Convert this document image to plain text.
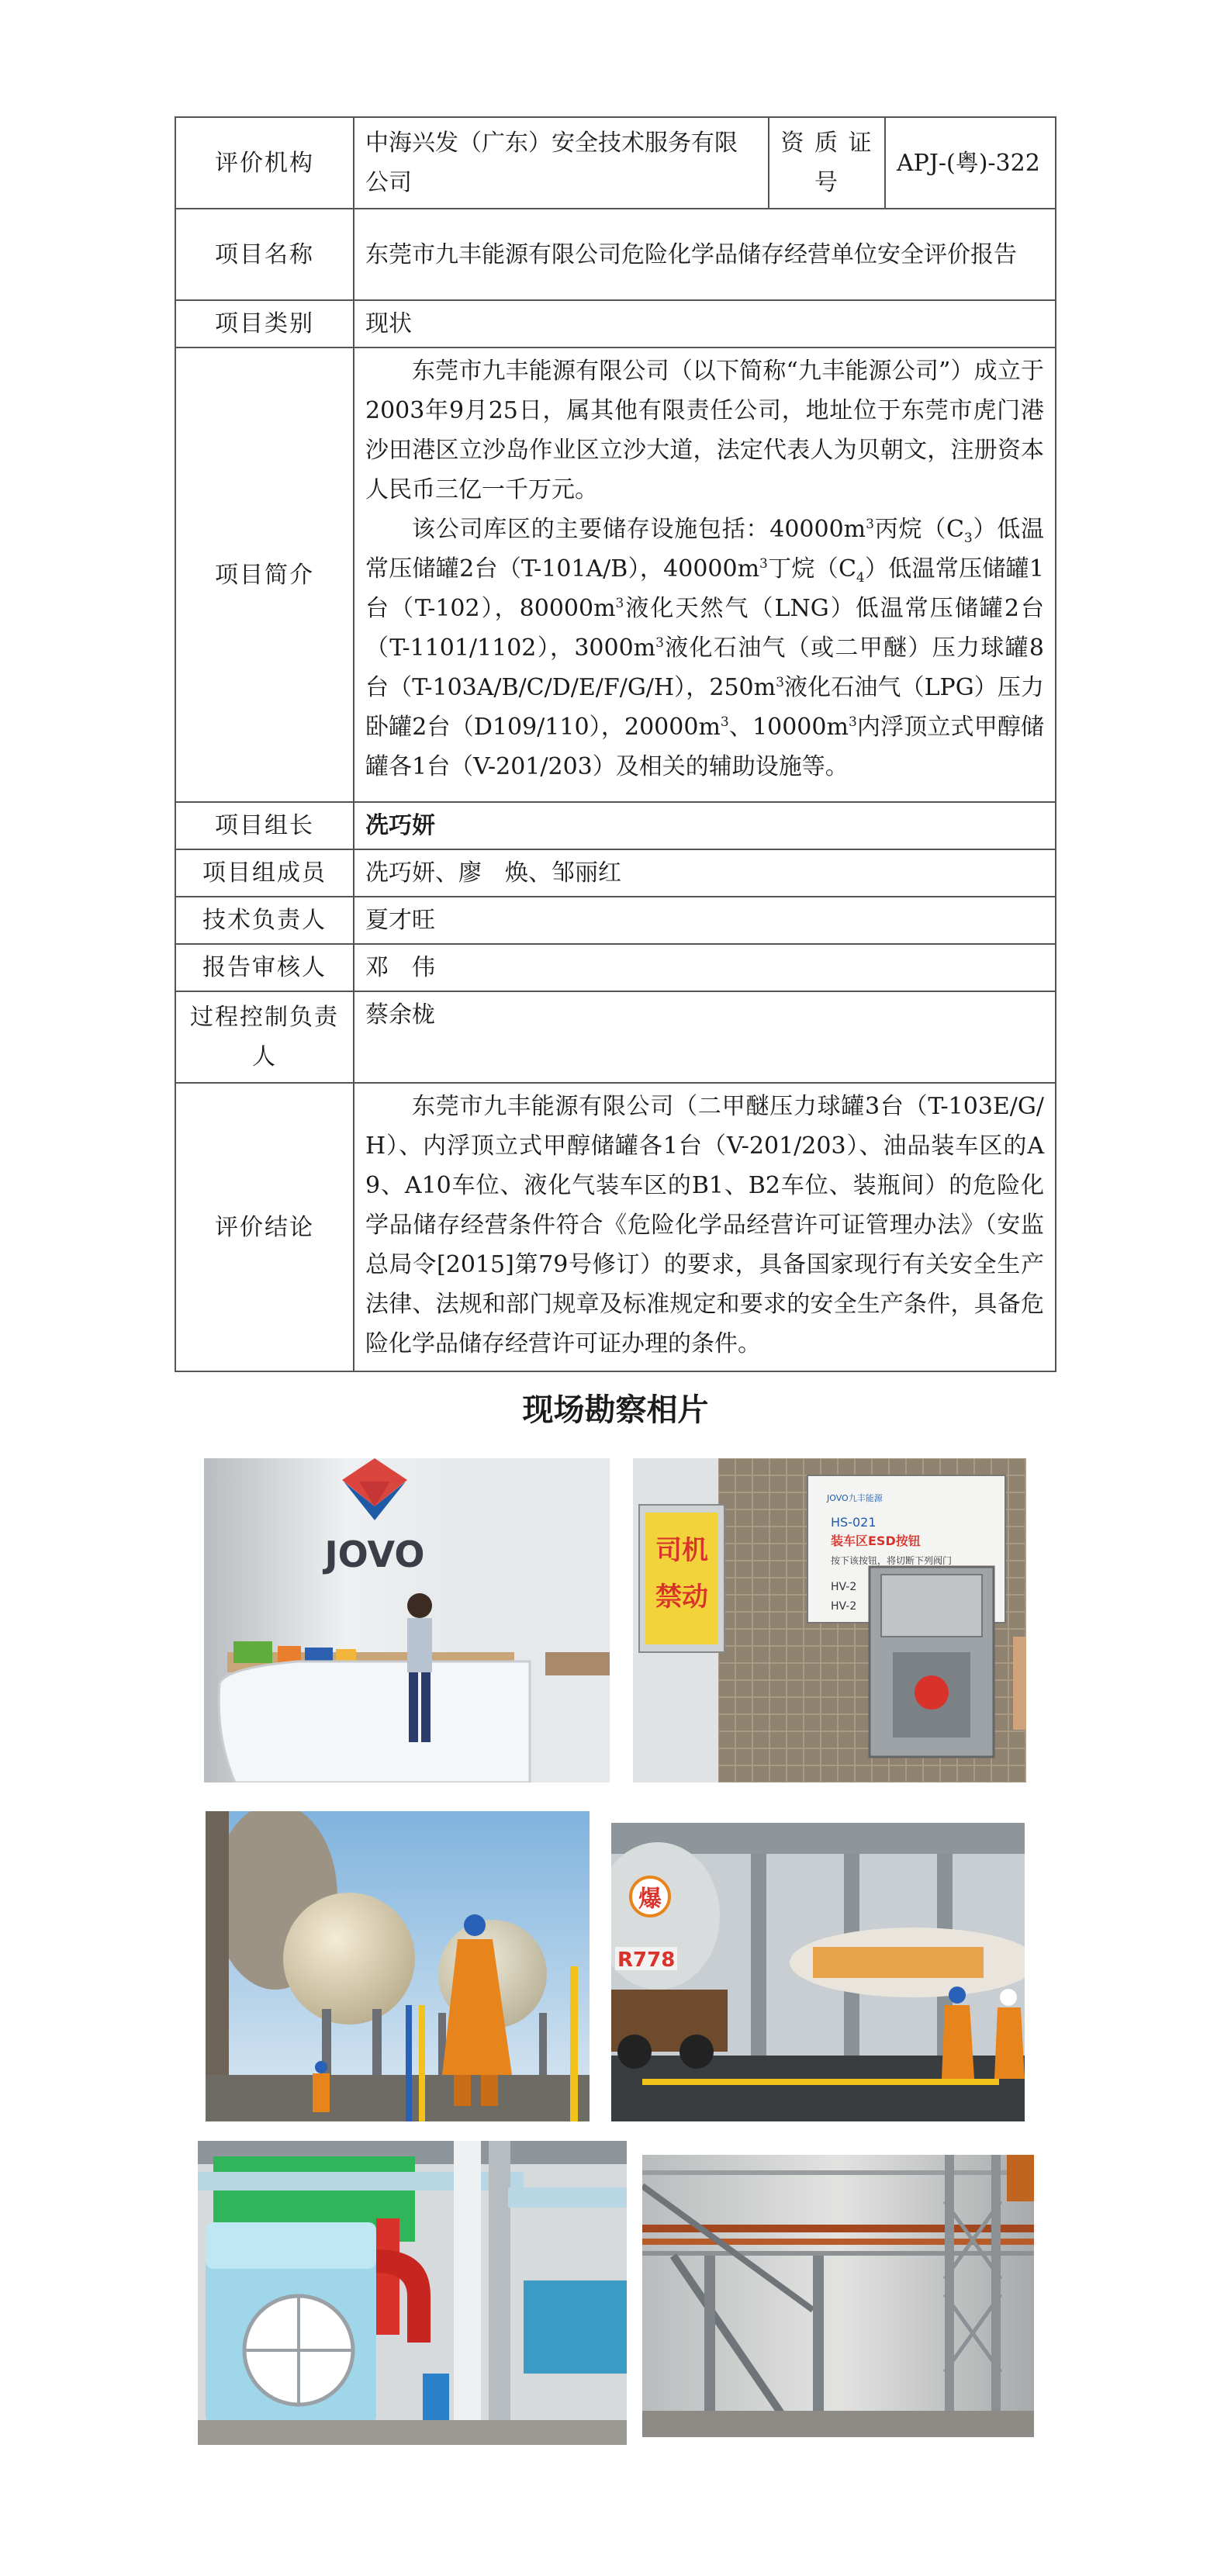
评价机构	中海兴发（广东）安全技术服务有限公司	资 质 证 号	APJ-(粤)-322
项目名称	东莞市九丰能源有限公司危险化学品储存经营单位安全评价报告		
项目类别	现状		
项目简介	东莞市九丰能源有限公司（以下简称“九丰能源公司”）成立于2003年9月25日，属其他有限责任公司，地址位于东莞市虎门港沙田港区立沙岛作业区立沙大道，法定代表人为贝朝文，注册资本人民币三亿一千万元。

该公司库区的主要储存设施包括：$40000m^3$丙烷$(C_3)$低温常压储罐2台（T-101A/B），$40000m^3$丁烷$(C_4)$低温常压储罐1台（T-102），$80000m^3$液化天然气（LNG）低温常压储罐2台（T-1101/1102），$3000m^3$液化石油气（或二甲醚）压力球罐8台（T-103A/B/C/D/E/F/G/H），$250m^3$液化石油气（LPG）压力卧罐2台（D109/110），$20000m^3$、$10000m^3$内浮顶立式甲醇储罐各1台（V-201/203）及相关的辅助设施等。		

项目组长	冼巧妍		
项目组成员	冼巧妍、廖　焕、邹丽红		
技术负责人	夏才旺		
报告审核人	邓　伟		
过程控制负责人	蔡余栊		
评价结论	东莞市九丰能源有限公司（二甲醚压力球罐3台（T-103E/G/H）、内浮顶立式甲醇储罐各1台（V-201/203）、油品装车区的A9、A10车位、液化气装车区的B1、B2车位、装瓶间）的危险化学品储存经营条件符合《危险化学品经营许可证管理办法》（安监总局令[2015]第79号修订）的要求，具备国家现行有关安全生产法律、法规和部门规章及标准规定和要求的安全生产条件，具备危险化学品储存经营许可证办理的条件。		

现场勘察相片
JOVO	司机
禁动
JOVO九丰能源
HS-021
装车区ESD按钮
按下该按钮，将切断下列阀门
HV-2
HV-2
爆
R778
